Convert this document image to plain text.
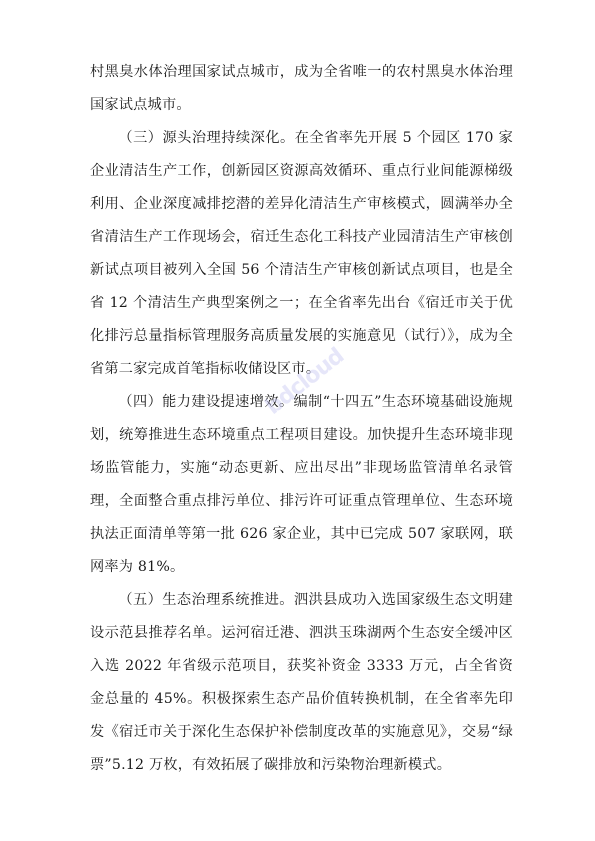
村黑臭水体治理国家试点城市，成为全省唯一的农村黑臭水体治理国家试点城市。

（三）源头治理持续深化。在全省率先开展 5 个园区 170 家企业清洁生产工作，创新园区资源高效循环、重点行业间能源梯级利用、企业深度减排挖潜的差异化清洁生产审核模式，圆满举办全省清洁生产工作现场会，宿迁生态化工科技产业园清洁生产审核创新试点项目被列入全国 56 个清洁生产审核创新试点项目，也是全省 12 个清洁生产典型案例之一；在全省率先出台《宿迁市关于优化排污总量指标管理服务高质量发展的实施意见（试行）》，成为全省第二家完成首笔指标收储设区市。

（四）能力建设提速增效。编制“十四五”生态环境基础设施规划，统筹推进生态环境重点工程项目建设。加快提升生态环境非现场监管能力，实施“动态更新、应出尽出”非现场监管清单名录管理，全面整合重点排污单位、排污许可证重点管理单位、生态环境执法正面清单等第一批 626 家企业，其中已完成 507 家联网，联网率为 81%。

（五）生态治理系统推进。泗洪县成功入选国家级生态文明建设示范县推荐名单。运河宿迁港、泗洪玉珠湖两个生态安全缓冲区入选 2022 年省级示范项目，获奖补资金 3333 万元，占全省资金总量的 45%。积极探索生态产品价值转换机制，在全省率先印发《宿迁市关于深化生态保护补偿制度改革的实施意见》，交易“绿票”5.12 万枚，有效拓展了碳排放和污染物治理新模式。

bdcloud
